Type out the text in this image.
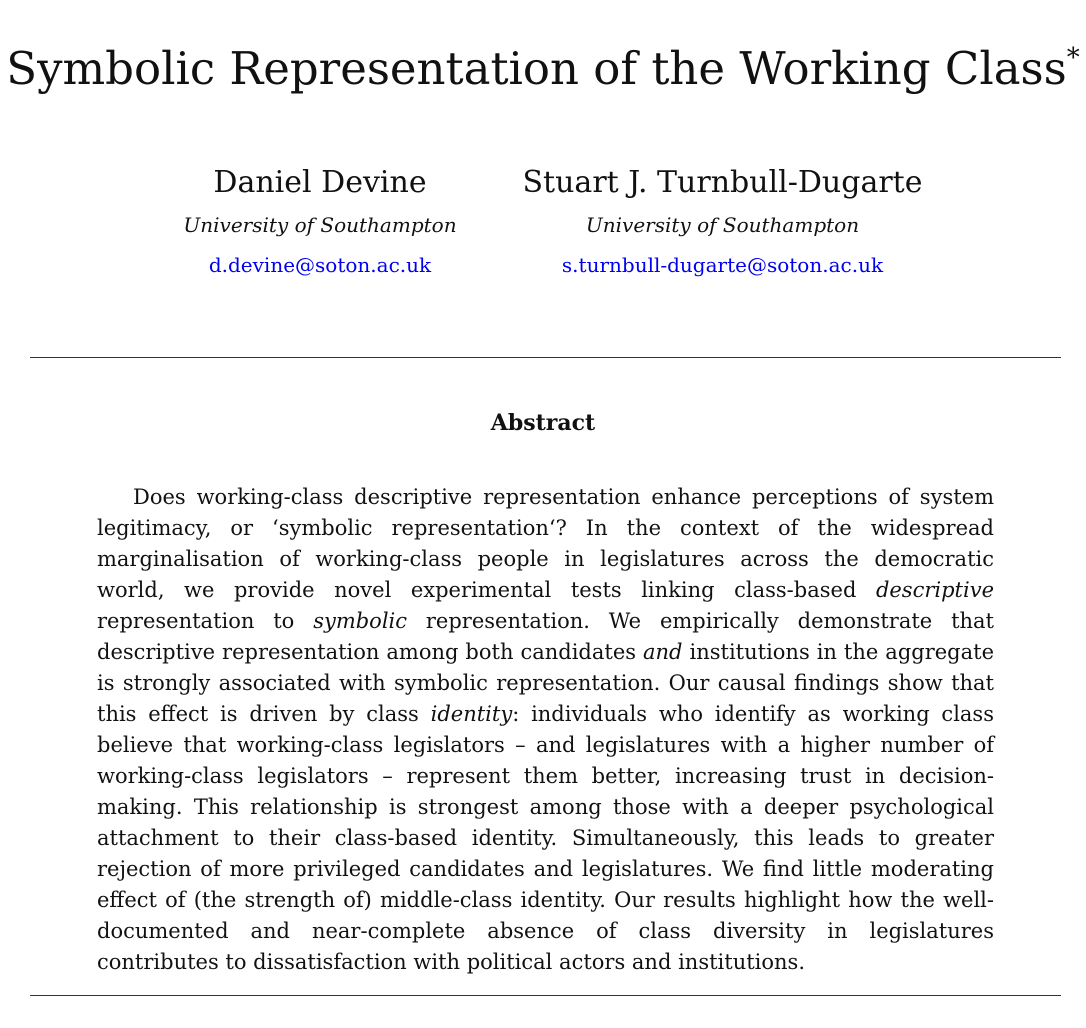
Symbolic Representation of the Working Class*
Daniel Devine
University of Southampton
d.devine@soton.ac.uk
Stuart J. Turnbull-Dugarte
University of Southampton
s.turnbull-dugarte@soton.ac.uk
Abstract

Does working-class descriptive representation enhance perceptions of system legitimacy, or ‘symbolic representation‘? In the context of the widespread marginalisation of working-class people in legislatures across the democratic world, we provide novel experimental tests linking class-based descriptive representation to symbolic representation. We empirically demonstrate that descriptive representation among both candidates and institutions in the aggregate is strongly associated with symbolic representation. Our causal findings show that this effect is driven by class identity: individuals who identify as working class believe that working-class legislators – and legislatures with a higher number of working-class legislators – represent them better, increasing trust in decision-making. This relationship is strongest among those with a deeper psychological attachment to their class-based identity. Simultaneously, this leads to greater rejection of more privileged candidates and legislatures. We find little moderating effect of (the strength of) middle-class identity. Our results highlight how the well-documented and near-complete absence of class diversity in legislatures contributes to dissatisfaction with political actors and institutions.
